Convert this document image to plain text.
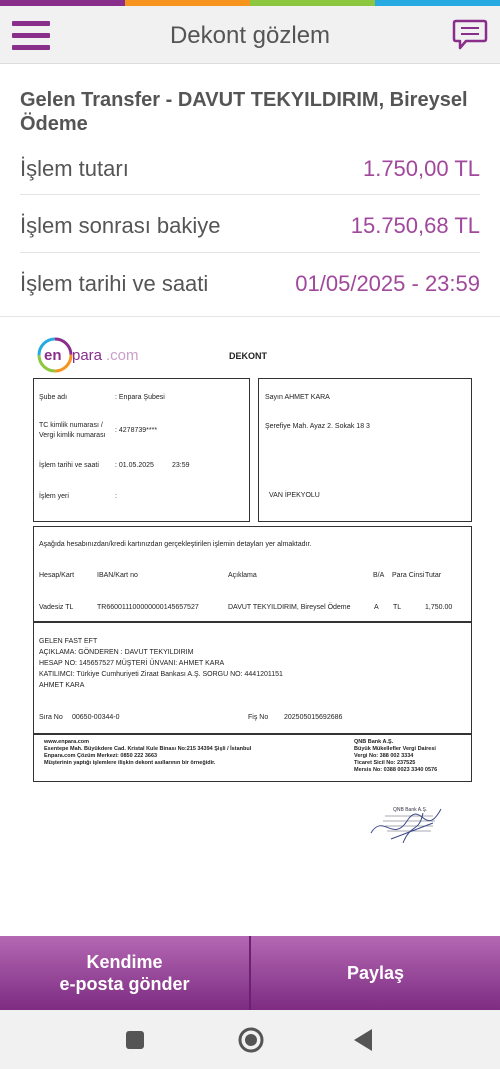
Dekont gözlem
Gelen Transfer - DAVUT TEKYILDIRIM, Bireysel Ödeme
İşlem tutarı	1.750,00 TL
İşlem sonrası bakiye	15.750,68 TL
İşlem tarihi ve saati	01/05/2025 - 23:59
en para .com	DEKONT
Şube adı	: Enpara Şubesi
TC kimlik numarası /
Vergi kimlik numarası
: 4278739****
İşlem tarihi ve saati : 01.05.2025	23:59
İşlem yeri	:
Sayın AHMET KARA
Şerefiye Mah. Ayaz 2. Sokak 18 3
VAN İPEKYOLU
Aşağıda hesabınızdan/kredi kartınızdan gerçekleştirilen işlemin detayları yer almaktadır.
Hesap/Kart	IBAN/Kart no	Açıklama	B/A Para Cinsi Tutar
Vadesiz TL	TR660011100000000145657527	DAVUT TEKYILDIRIM, Bireysel Ödeme	A TL	1,750.00
GELEN FAST EFT
AÇIKLAMA: GÖNDEREN : DAVUT TEKYILDIRIM
HESAP NO: 145657527 MÜŞTERİ ÜNVANI: AHMET KARA
KATILIMCI: Türkiye Cumhuriyeti Ziraat Bankası A.Ş. SORGU NO: 4441201151
AHMET KARA
Sıra No 00650-00344-0	Fiş No 202505015692686
www.enpara.com
Esentepe Mah. Büyükdere Cad. Kristal Kule Binası No:215 34394 Şişli / İstanbul
Enpara.com Çözüm Merkezi: 0850 222 3663
Müşterinin yaptığı işlemlere ilişkin dekont asıllarının bir örneğidir.
QNB Bank A.Ş.
Büyük Mükellefler Vergi Dairesi
Vergi No: 388 002 3334
Ticaret Sicil No: 237525
Mersis No: 0388 0023 3340 0576
QNB Bank A.Ş.
Kendime
e-posta gönder
Paylaş
